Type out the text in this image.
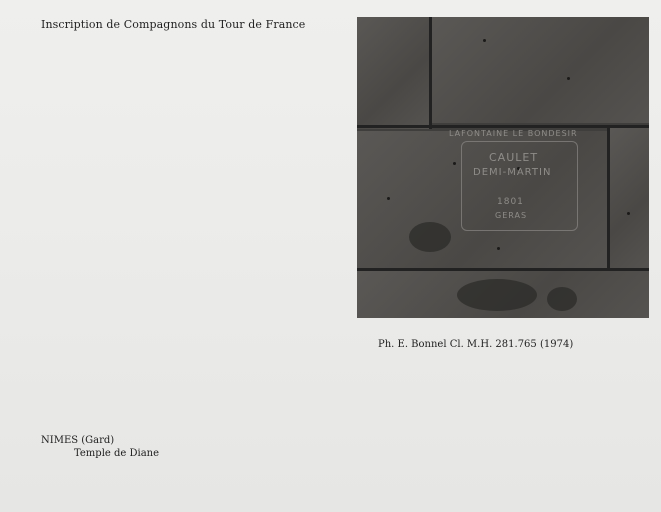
Inscription de Compagnons du Tour de France
LAFONTAINE LE BONDESIR
CAULET
DEMI-MARTIN
1801
GERAS
Ph. E. Bonnel Cl. M.H. 281.765 (1974)
NIMES (Gard)
Temple de Diane
